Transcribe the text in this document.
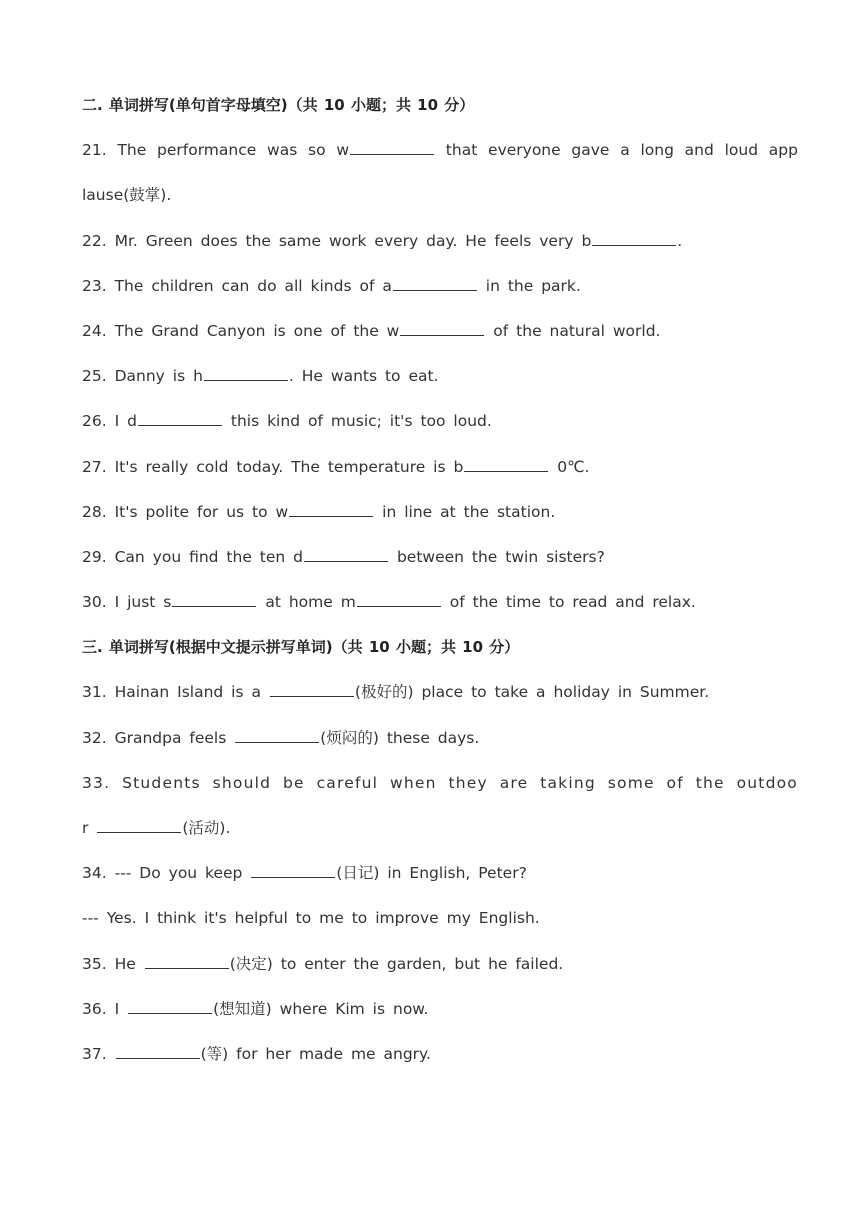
二. 单词拼写(单句首字母填空)（共 10 小题；共 10 分）
21. The performance was so w	that everyone gave a long and loud app
lause(鼓掌).
22. Mr. Green does the same work every day. He feels very b	.
23. The children can do all kinds of a	in the park.
24. The Grand Canyon is one of the w	of the natural world.
25. Danny is h	. He wants to eat.
26. I d	this kind of music; it's too loud.
27. It's really cold today. The temperature is b	0℃.
28. It's polite for us to w	in line at the station.
29. Can you find the ten d	between the twin sisters?
30. I just s	at home m	of the time to read and relax.
三. 单词拼写(根据中文提示拼写单词)（共 10 小题；共 10 分）
31. Hainan Island is a	(极好的) place to take a holiday in Summer.
32. Grandpa feels	(烦闷的) these days.
33. Students should be careful when they are taking some of the outdoo
r	(活动).
34. --- Do you keep	(日记) in English, Peter?
--- Yes. I think it's helpful to me to improve my English.
35. He	(决定) to enter the garden, but he failed.
36. I	(想知道) where Kim is now.
37.	(等) for her made me angry.
